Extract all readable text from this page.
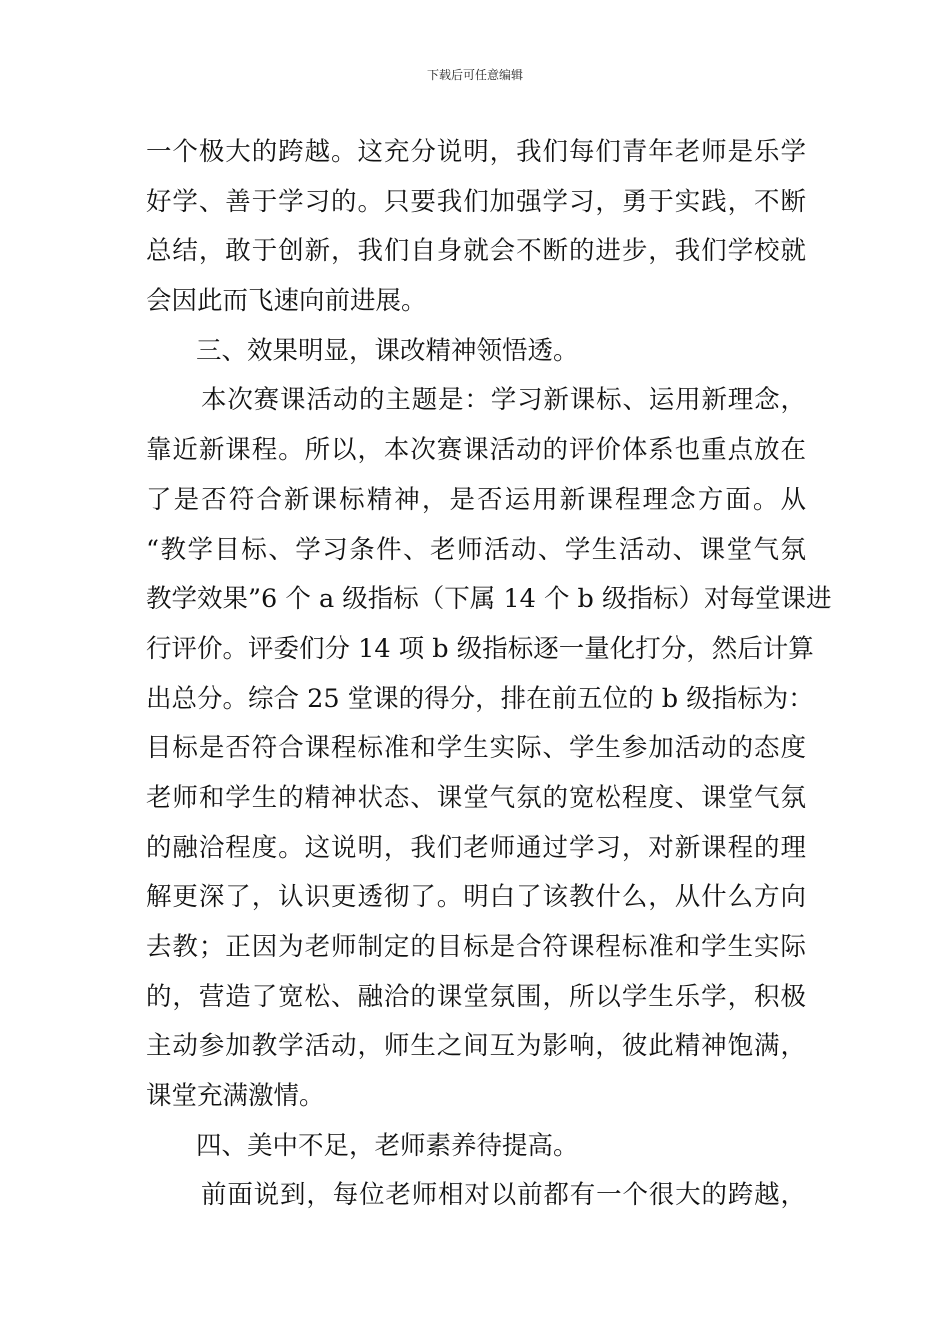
下载后可任意编辑
一个极大的跨越。这充分说明，我们每们青年老师是乐学
好学、善于学习的。只要我们加强学习，勇于实践，不断
总结，敢于创新，我们自身就会不断的进步，我们学校就
会因此而飞速向前进展。
三、效果明显，课改精神领悟透。
本次赛课活动的主题是：学习新课标、运用新理念，
靠近新课程。所以，本次赛课活动的评价体系也重点放在
了是否符合新课标精神，是否运用新课程理念方面。从
“教学目标、学习条件、老师活动、学生活动、课堂气氛
教学效果”6 个 a 级指标（下属 14 个 b 级指标）对每堂课进
行评价。评委们分 14 项 b 级指标逐一量化打分，然后计算
出总分。综合 25 堂课的得分，排在前五位的 b 级指标为：
目标是否符合课程标准和学生实际、学生参加活动的态度
老师和学生的精神状态、课堂气氛的宽松程度、课堂气氛
的融洽程度。这说明，我们老师通过学习，对新课程的理
解更深了，认识更透彻了。明白了该教什么，从什么方向
去教；正因为老师制定的目标是合符课程标准和学生实际
的，营造了宽松、融洽的课堂氛围，所以学生乐学，积极
主动参加教学活动，师生之间互为影响，彼此精神饱满，
课堂充满激情。
四、美中不足，老师素养待提高。
前面说到，每位老师相对以前都有一个很大的跨越，
